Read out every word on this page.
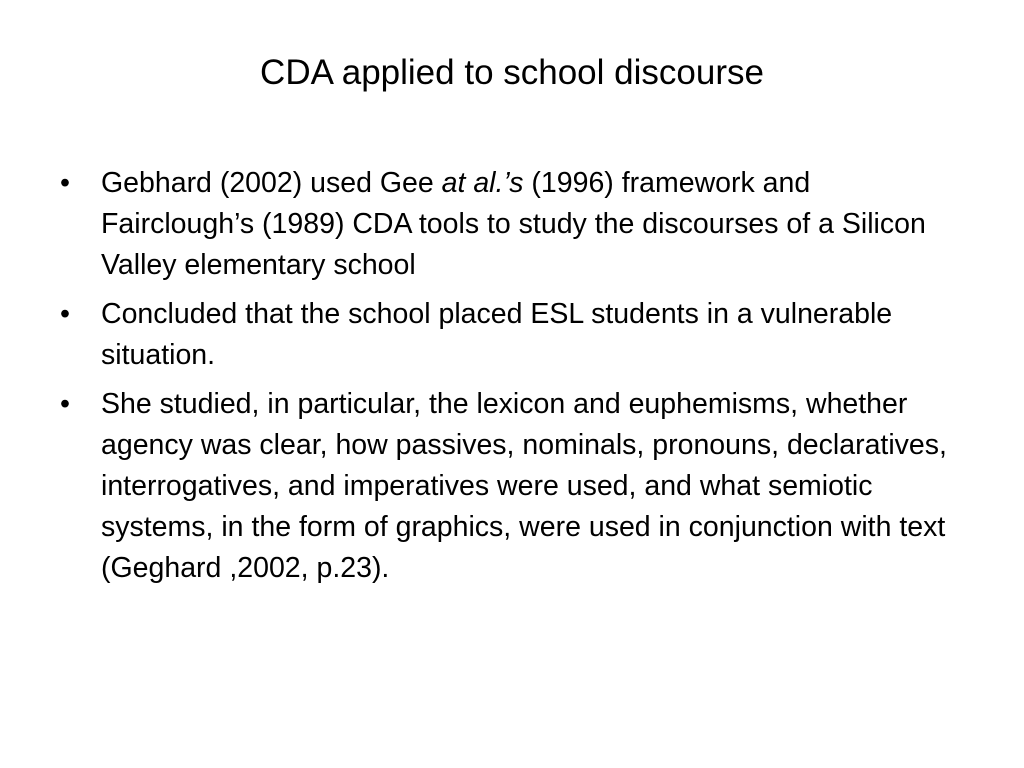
CDA applied to school discourse
• Gebhard (2002) used Gee at al.’s (1996) framework and Fairclough’s (1989) CDA tools to study the discourses of a Silicon Valley elementary school
• Concluded that the school placed ESL students in a vulnerable situation.
• She studied, in particular, the lexicon and euphemisms, whether agency was clear, how passives, nominals, pronouns, declaratives, interrogatives, and imperatives were used, and what semiotic systems, in the form of graphics, were used in conjunction with text (Geghard ,2002, p.23).
